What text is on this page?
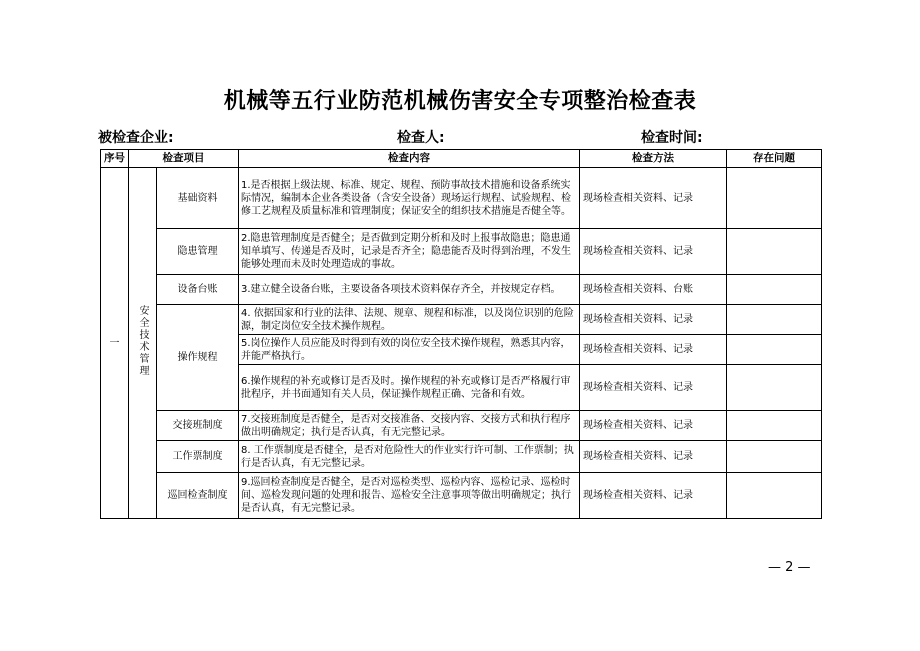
机械等五行业防范机械伤害安全专项整治检查表
被检查企业:	检查人:	检查时间:
序号	检查项目		检查内容	检查方法	存在问题
一	安全技术管理	基础资料	1.是否根据上级法规、标准、规定、规程、预防事故技术措施和设备系统实际情况，编制本企业各类设备（含安全设备）现场运行规程、试验规程、检修工艺规程及质量标准和管理制度；保证安全的组织技术措施是否健全等。	现场检查相关资料、记录	
		隐患管理	2.隐患管理制度是否健全；是否做到定期分析和及时上报事故隐患；隐患通知单填写、传递是否及时，记录是否齐全；隐患能否及时得到治理，不发生能够处理而未及时处理造成的事故。	现场检查相关资料、记录	
		设备台账	3.建立健全设备台账，主要设备各项技术资料保存齐全，并按规定存档。	现场检查相关资料、台账	
		操作规程	4. 依据国家和行业的法律、法规、规章、规程和标准，以及岗位识别的危险源，制定岗位安全技术操作规程。	现场检查相关资料、记录	
			5.岗位操作人员应能及时得到有效的岗位安全技术操作规程，熟悉其内容，并能严格执行。	现场检查相关资料、记录	
			6.操作规程的补充或修订是否及时。操作规程的补充或修订是否严格履行审批程序，并书面通知有关人员，保证操作规程正确、完备和有效。	现场检查相关资料、记录	
		交接班制度	7.交接班制度是否健全，是否对交接准备、交接内容、交接方式和执行程序做出明确规定；执行是否认真，有无完整记录。	现场检查相关资料、记录	
		工作票制度	8. 工作票制度是否健全，是否对危险性大的作业实行许可制、工作票制；执行是否认真，有无完整记录。	现场检查相关资料、记录	
		巡回检查制度	9.巡回检查制度是否健全，是否对巡检类型、巡检内容、巡检记录、巡检时间、巡检发现问题的处理和报告、巡检安全注意事项等做出明确规定；执行是否认真，有无完整记录。	现场检查相关资料、记录	
— 2 —
